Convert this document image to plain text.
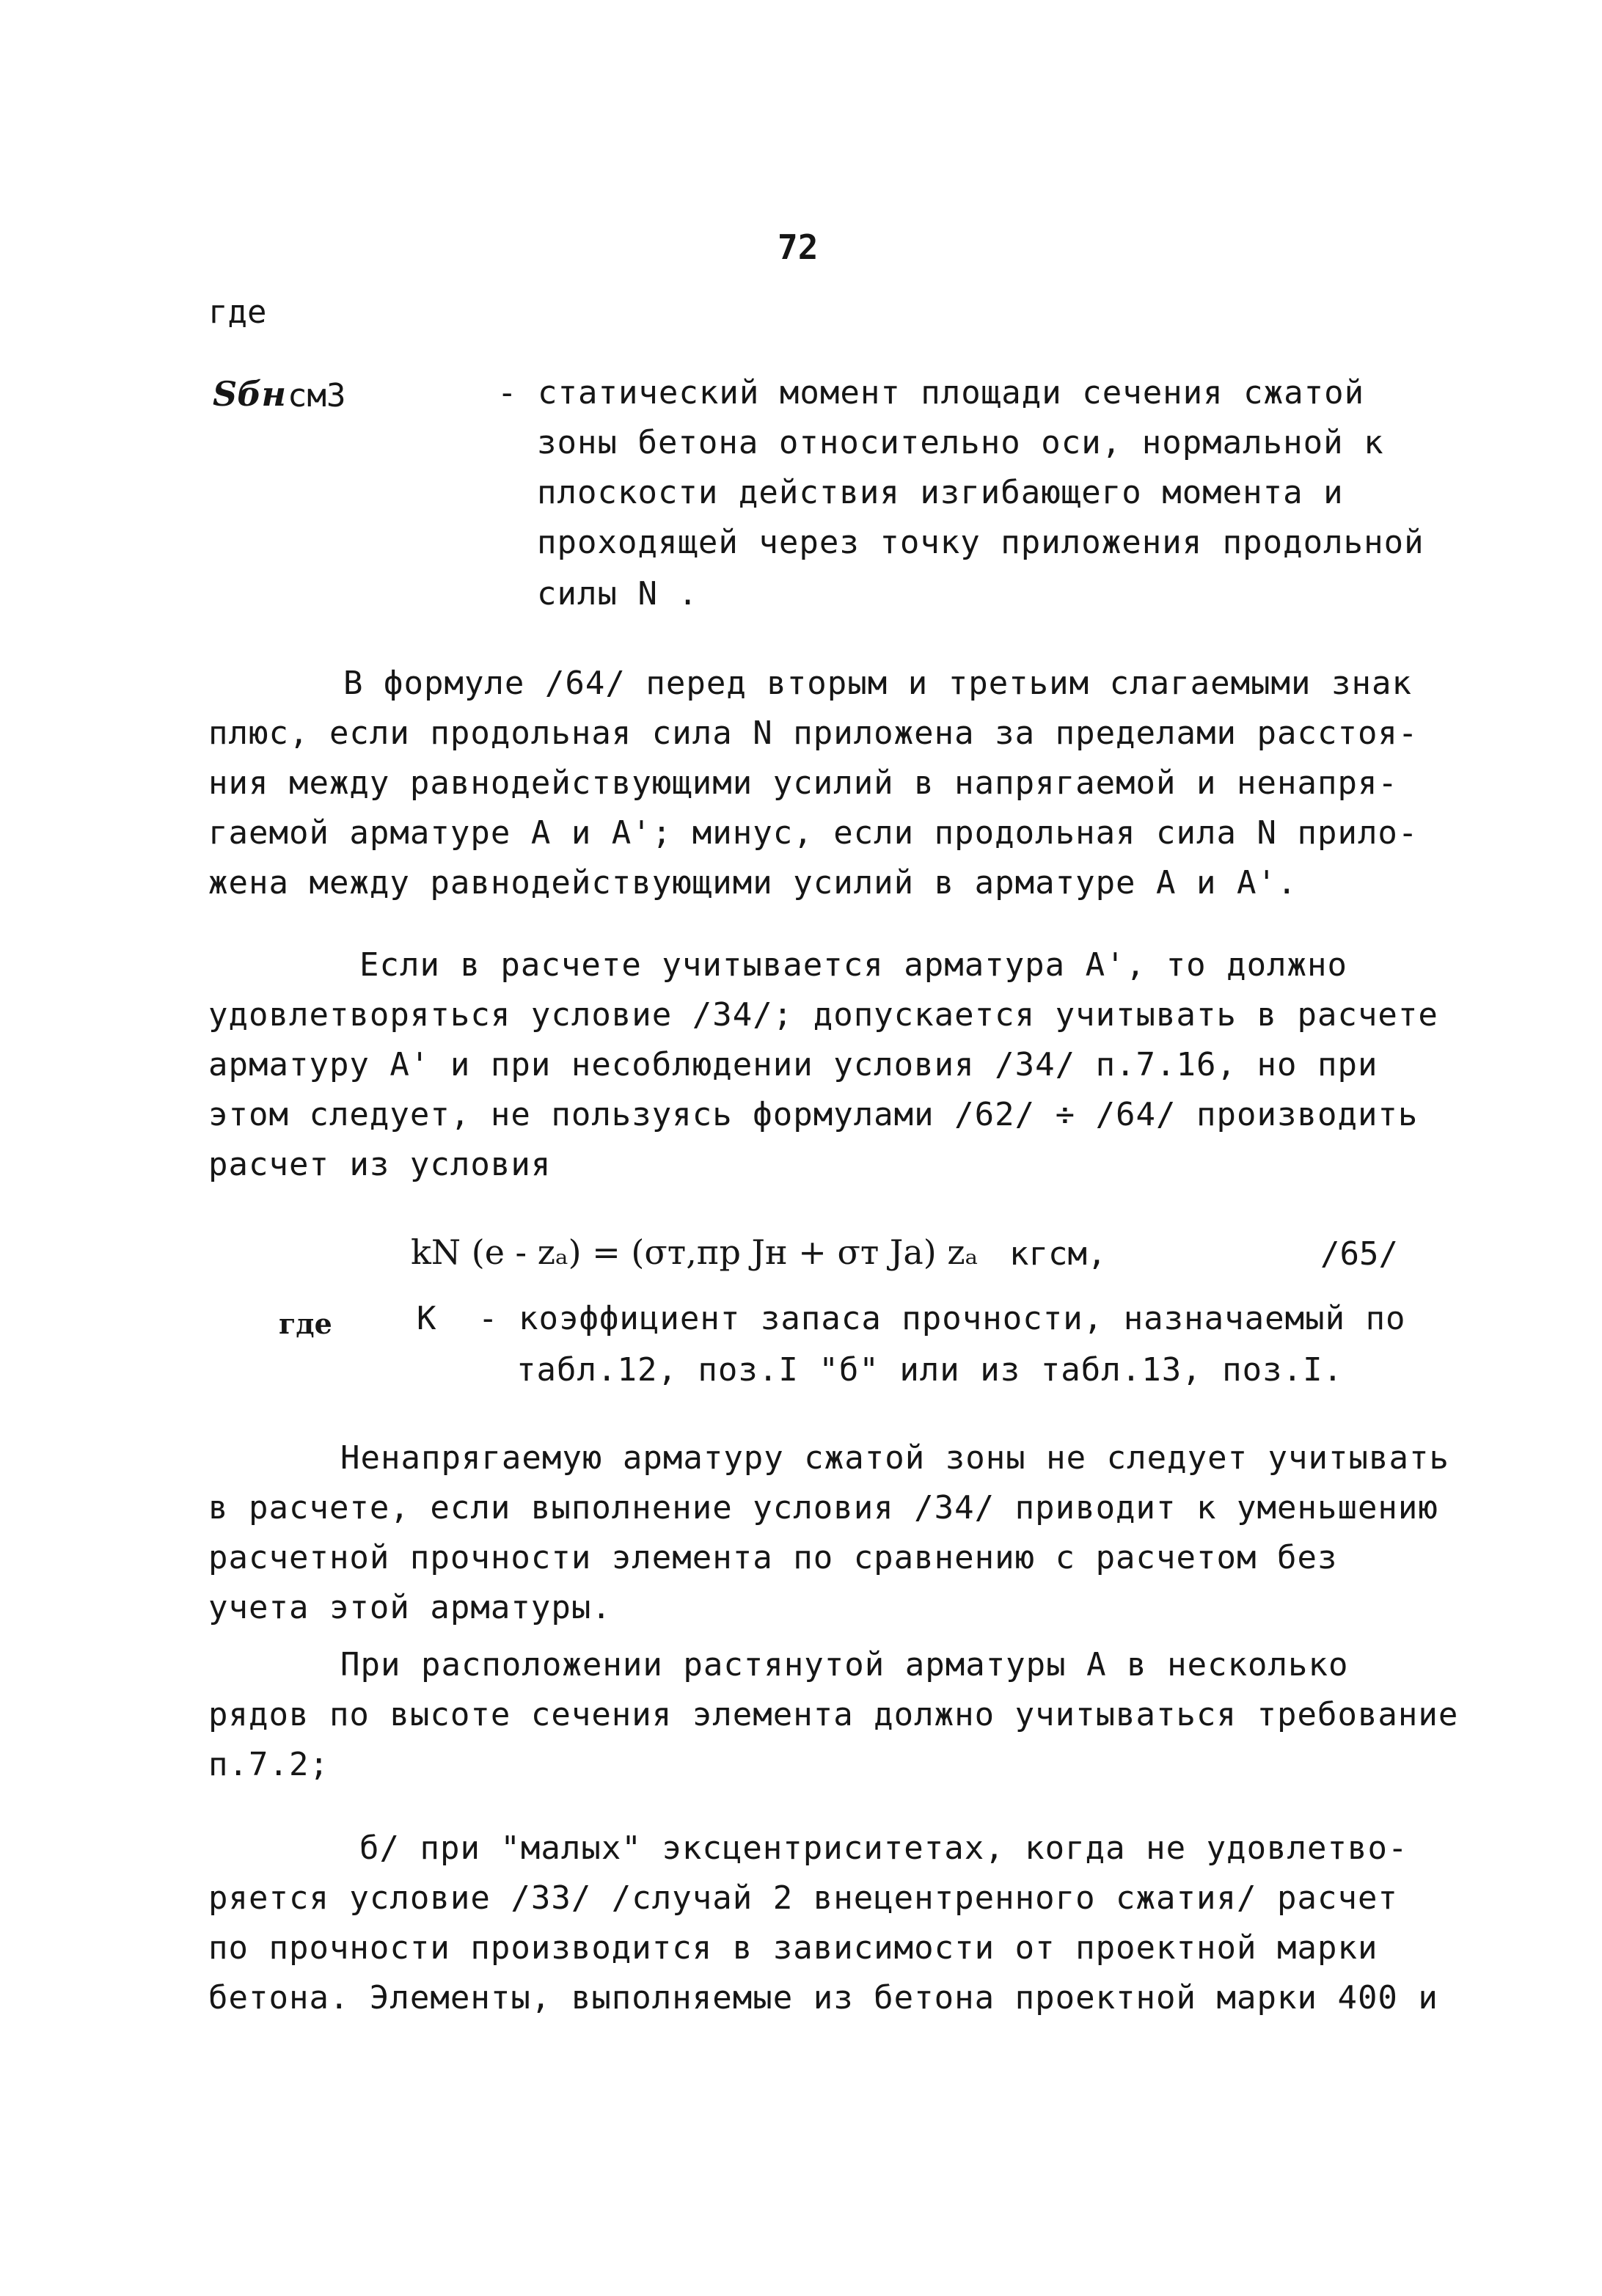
72
где
Sбн см3	- статический момент площади сечения сжатой
зоны бетона относительно оси, нормальной к
плоскости действия изгибающего момента и
проходящей через точку приложения продольной
силы N .
В формуле /64/ перед вторым и третьим слагаемыми знак
плюс, если продольная сила N приложена за пределами расстоя-
ния между равнодействующими усилий в напрягаемой и ненапря-
гаемой арматуре A и A'; минус, если продольная сила N прило-
жена между равнодействующими усилий в арматуре A и A'.
Если в расчете учитывается арматура A', то должно
удовлетворяться условие /34/; допускается учитывать в расчете
арматуру A' и при несоблюдении условия /34/ п.7.16, но при
этом следует, не пользуясь формулами /62/ ÷ /64/ производить
расчет из условия
kN (e - zₐ) = (σт,пр Jн + σт Jа) zₐ кгсм,	/65/
где	К - коэффициент запаса прочности, назначаемый по
табл.12, поз.I "б" или из табл.13, поз.I.
Ненапрягаемую арматуру сжатой зоны не следует учитывать
в расчете, если выполнение условия /34/ приводит к уменьшению
расчетной прочности элемента по сравнению с расчетом без
учета этой арматуры.
При расположении растянутой арматуры A в несколько
рядов по высоте сечения элемента должно учитываться требование
п.7.2;
б/ при "малых" эксцентриситетах, когда не удовлетво-
ряется условие /33/ /случай 2 внецентренного сжатия/ расчет
по прочности производится в зависимости от проектной марки
бетона. Элементы, выполняемые из бетона проектной марки 400 и
